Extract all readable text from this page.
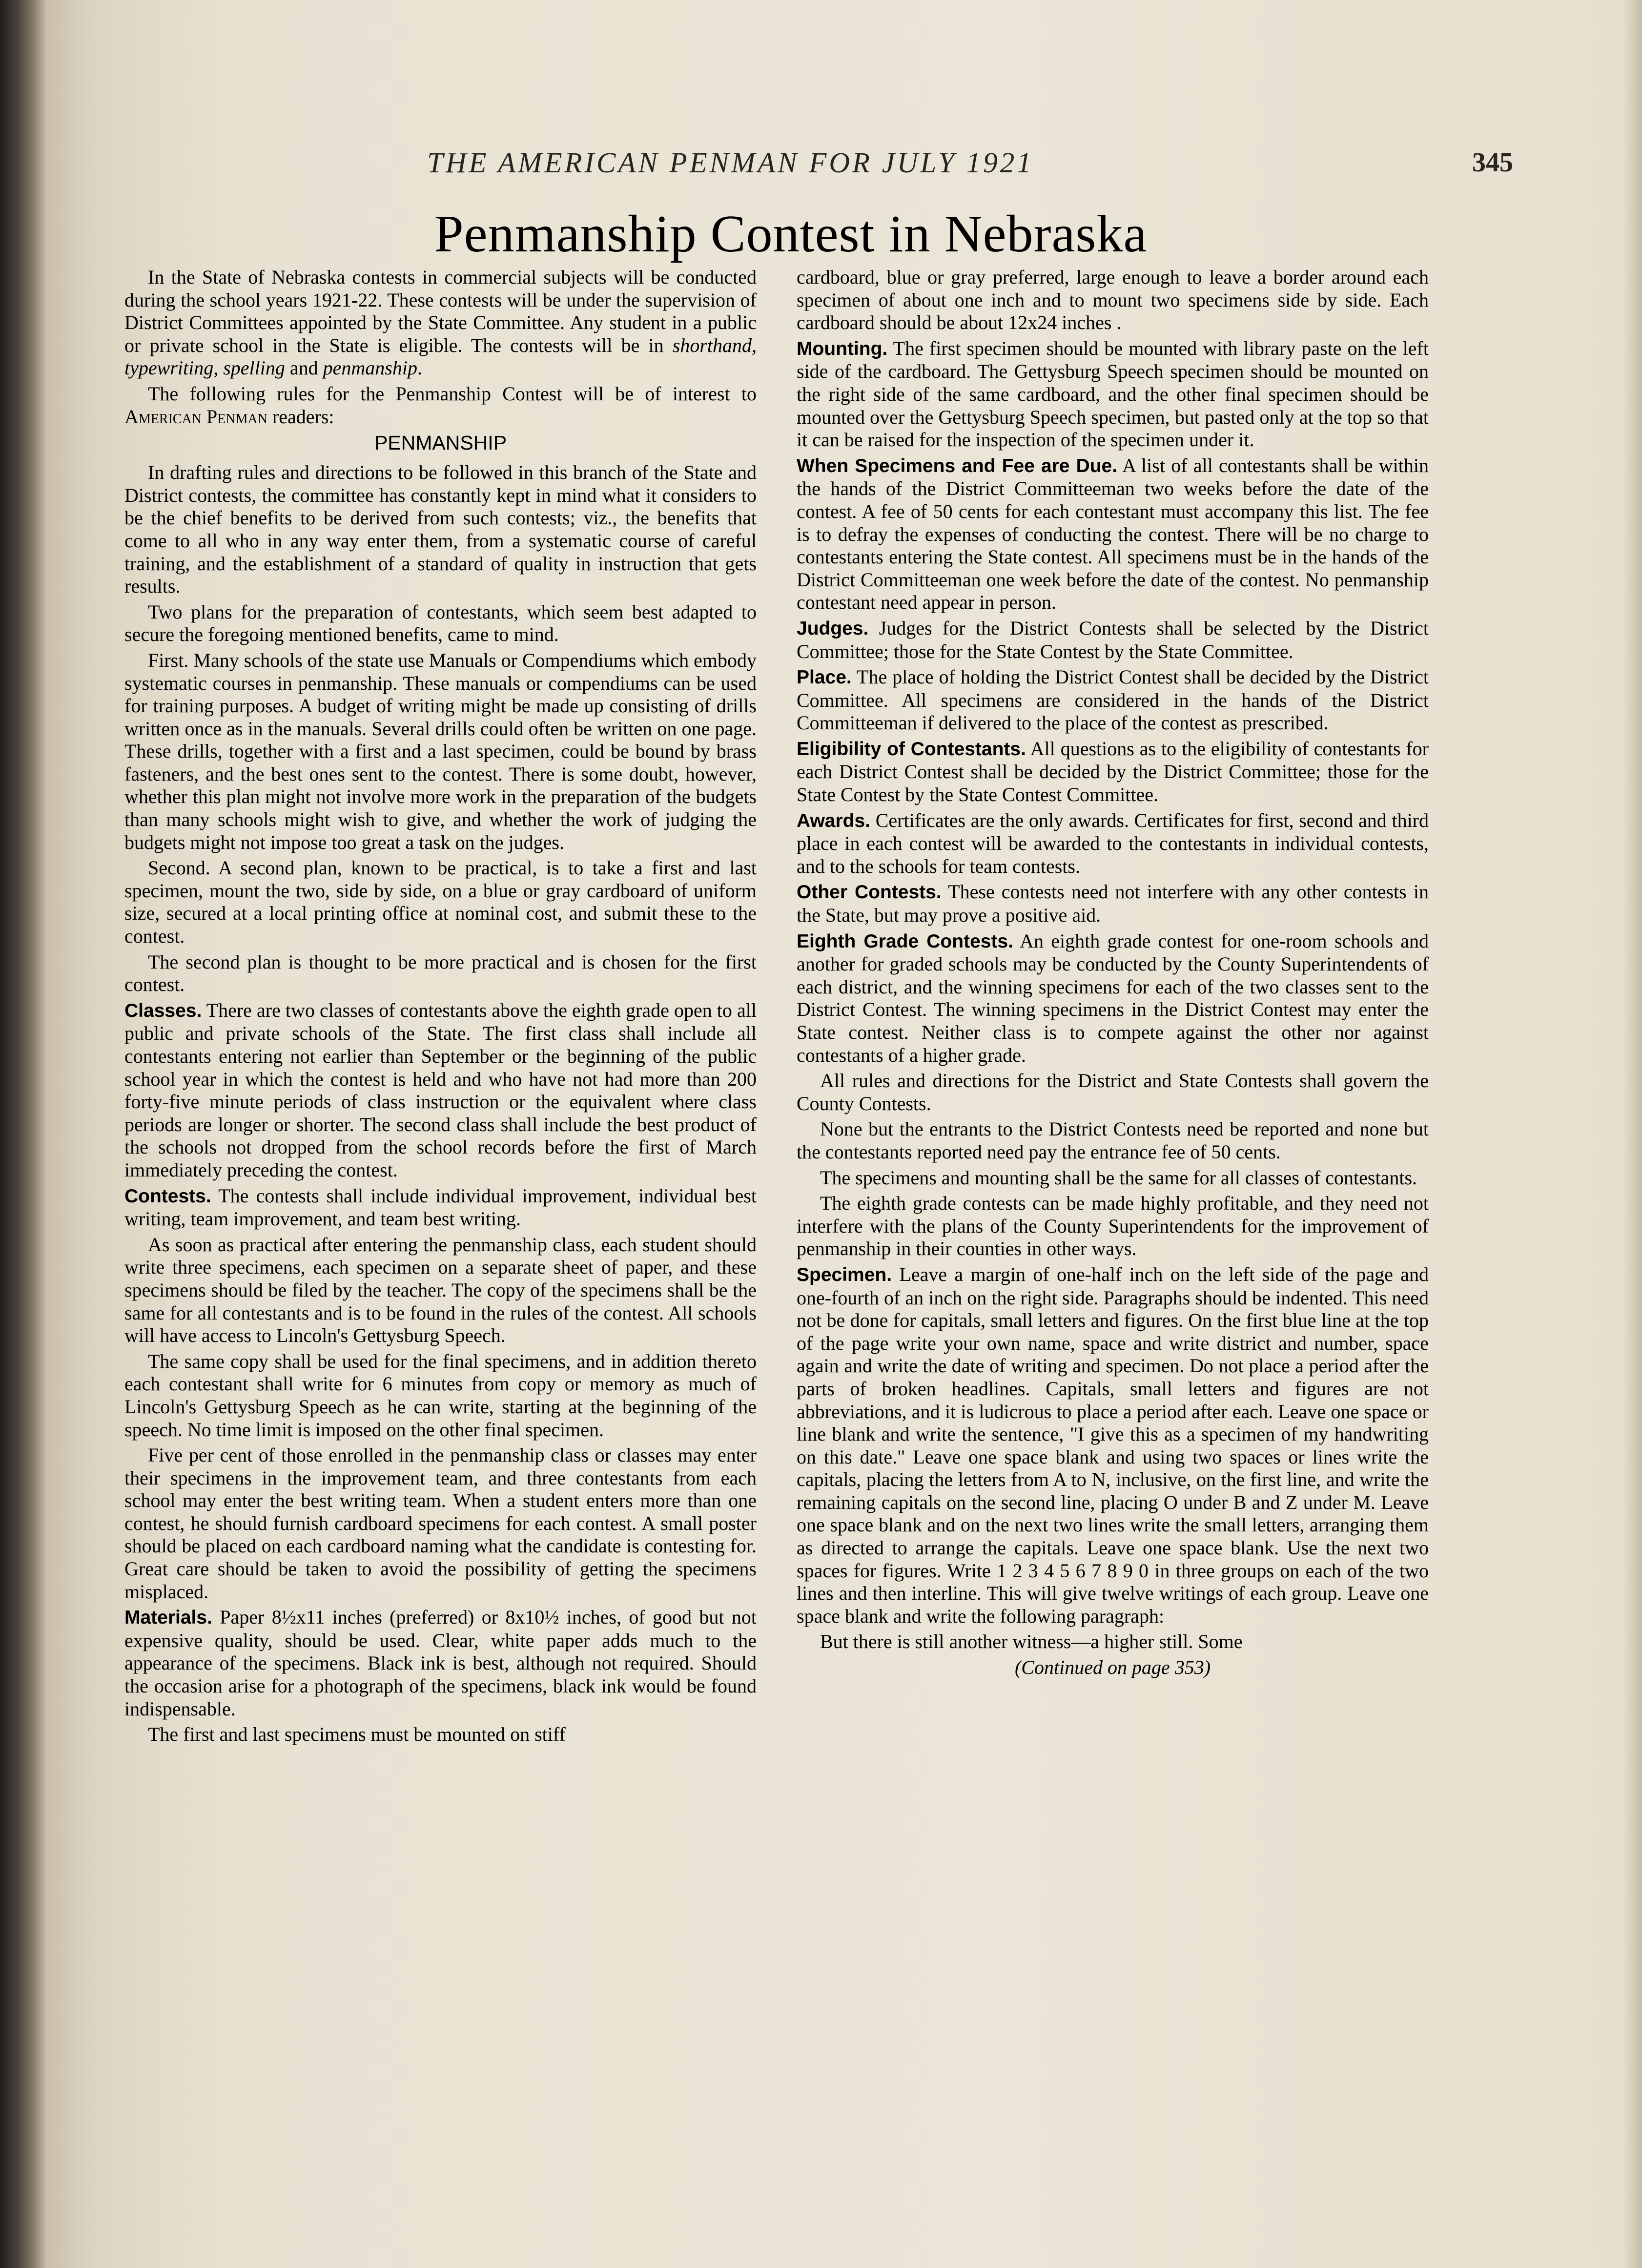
THE AMERICAN PENMAN FOR JULY 1921	345
Penmanship Contest in Nebraska

In the State of Nebraska contests in commercial subjects will be conducted during the school years 1921-22. These contests will be under the supervision of District Committees appointed by the State Committee. Any student in a public or private school in the State is eligible. The contests will be in shorthand, typewriting, spelling and penmanship.

The following rules for the Penmanship Contest will be of interest to American Penman readers:

PENMANSHIP

In drafting rules and directions to be followed in this branch of the State and District contests, the committee has constantly kept in mind what it considers to be the chief benefits to be derived from such contests; viz., the benefits that come to all who in any way enter them, from a systematic course of careful training, and the establishment of a standard of quality in instruction that gets results.

Two plans for the preparation of contestants, which seem best adapted to secure the foregoing mentioned benefits, came to mind.

First. Many schools of the state use Manuals or Compendiums which embody systematic courses in penmanship. These manuals or compendiums can be used for training purposes. A budget of writing might be made up consisting of drills written once as in the manuals. Several drills could often be written on one page. These drills, together with a first and a last specimen, could be bound by brass fasteners, and the best ones sent to the contest. There is some doubt, however, whether this plan might not involve more work in the preparation of the budgets than many schools might wish to give, and whether the work of judging the budgets might not impose too great a task on the judges.

Second. A second plan, known to be practical, is to take a first and last specimen, mount the two, side by side, on a blue or gray cardboard of uniform size, secured at a local printing office at nominal cost, and submit these to the contest.

The second plan is thought to be more practical and is chosen for the first contest.

Classes. There are two classes of contestants above the eighth grade open to all public and private schools of the State. The first class shall include all contestants entering not earlier than September or the beginning of the public school year in which the contest is held and who have not had more than 200 forty-five minute periods of class instruction or the equivalent where class periods are longer or shorter. The second class shall include the best product of the schools not dropped from the school records before the first of March immediately preceding the contest.

Contests. The contests shall include individual improvement, individual best writing, team improvement, and team best writing.

As soon as practical after entering the penmanship class, each student should write three specimens, each specimen on a separate sheet of paper, and these specimens should be filed by the teacher. The copy of the specimens shall be the same for all contestants and is to be found in the rules of the contest. All schools will have access to Lincoln's Gettysburg Speech.

The same copy shall be used for the final specimens, and in addition thereto each contestant shall write for 6 minutes from copy or memory as much of Lincoln's Gettysburg Speech as he can write, starting at the beginning of the speech. No time limit is imposed on the other final specimen.

Five per cent of those enrolled in the penmanship class or classes may enter their specimens in the improvement team, and three contestants from each school may enter the best writing team. When a student enters more than one contest, he should furnish cardboard specimens for each contest. A small poster should be placed on each cardboard naming what the candidate is contesting for. Great care should be taken to avoid the possibility of getting the specimens misplaced.

Materials. Paper 8½x11 inches (preferred) or 8x10½ inches, of good but not expensive quality, should be used. Clear, white paper adds much to the appearance of the specimens. Black ink is best, although not required. Should the occasion arise for a photograph of the specimens, black ink would be found indispensable.

The first and last specimens must be mounted on stiff

cardboard, blue or gray preferred, large enough to leave a border around each specimen of about one inch and to mount two specimens side by side. Each cardboard should be about 12x24 inches .

Mounting. The first specimen should be mounted with library paste on the left side of the cardboard. The Gettysburg Speech specimen should be mounted on the right side of the same cardboard, and the other final specimen should be mounted over the Gettysburg Speech specimen, but pasted only at the top so that it can be raised for the inspection of the specimen under it.

When Specimens and Fee are Due. A list of all contestants shall be within the hands of the District Committeeman two weeks before the date of the contest. A fee of 50 cents for each contestant must accompany this list. The fee is to defray the expenses of conducting the contest. There will be no charge to contestants entering the State contest. All specimens must be in the hands of the District Committeeman one week before the date of the contest. No penmanship contestant need appear in person.

Judges. Judges for the District Contests shall be selected by the District Committee; those for the State Contest by the State Committee.

Place. The place of holding the District Contest shall be decided by the District Committee. All specimens are considered in the hands of the District Committeeman if delivered to the place of the contest as prescribed.

Eligibility of Contestants. All questions as to the eligibility of contestants for each District Contest shall be decided by the District Committee; those for the State Contest by the State Contest Committee.

Awards. Certificates are the only awards. Certificates for first, second and third place in each contest will be awarded to the contestants in individual contests, and to the schools for team contests.

Other Contests. These contests need not interfere with any other contests in the State, but may prove a positive aid.

Eighth Grade Contests. An eighth grade contest for one-room schools and another for graded schools may be conducted by the County Superintendents of each district, and the winning specimens for each of the two classes sent to the District Contest. The winning specimens in the District Contest may enter the State contest. Neither class is to compete against the other nor against contestants of a higher grade.

All rules and directions for the District and State Contests shall govern the County Contests.

None but the entrants to the District Contests need be reported and none but the contestants reported need pay the entrance fee of 50 cents.

The specimens and mounting shall be the same for all classes of contestants.

The eighth grade contests can be made highly profitable, and they need not interfere with the plans of the County Superintendents for the improvement of penmanship in their counties in other ways.

Specimen. Leave a margin of one-half inch on the left side of the page and one-fourth of an inch on the right side. Paragraphs should be indented. This need not be done for capitals, small letters and figures. On the first blue line at the top of the page write your own name, space and write district and number, space again and write the date of writing and specimen. Do not place a period after the parts of broken headlines. Capitals, small letters and figures are not abbreviations, and it is ludicrous to place a period after each. Leave one space or line blank and write the sentence, "I give this as a specimen of my handwriting on this date." Leave one space blank and using two spaces or lines write the capitals, placing the letters from A to N, inclusive, on the first line, and write the remaining capitals on the second line, placing O under B and Z under M. Leave one space blank and on the next two lines write the small letters, arranging them as directed to arrange the capitals. Leave one space blank. Use the next two spaces for figures. Write 1 2 3 4 5 6 7 8 9 0 in three groups on each of the two lines and then interline. This will give twelve writings of each group. Leave one space blank and write the following paragraph:

But there is still another witness—a higher still. Some

(Continued on page 353)
